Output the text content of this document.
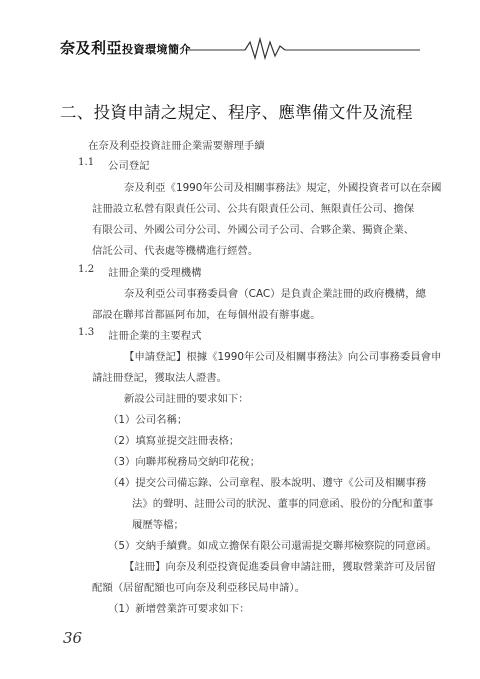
奈及利亞投資環境簡介
二、投資申請之規定、程序、應準備文件及流程
在奈及利亞投資註冊企業需要辦理手續
1.1 公司登記
奈及利亞《1990年公司及相關事務法》規定，外國投資者可以在奈國
註冊設立私營有限責任公司、公共有限責任公司、無限責任公司、擔保
有限公司、外國公司分公司、外國公司子公司、合夥企業、獨資企業、
信託公司、代表處等機構進行經營。
1.2 註冊企業的受理機構
奈及利亞公司事務委員會（CAC）是負責企業註冊的政府機構，總
部設在聯邦首都區阿布加，在每個州設有辦事處。
1.3 註冊企業的主要程式
【申請登記】根據《1990年公司及相關事務法》向公司事務委員會申
請註冊登記，獲取法人證書。
新設公司註冊的要求如下：
（1）公司名稱；
（2）填寫並提交註冊表格；
（3）向聯邦稅務局交納印花稅；
（4）提交公司備忘錄、公司章程、股本說明、遵守《公司及相關事務
法》的聲明、註冊公司的狀況、董事的同意函、股份的分配和董事
履歷等檔；
（5）交納手續費。如成立擔保有限公司還需提交聯邦檢察院的同意函。
【註冊】向奈及利亞投資促進委員會申請註冊，獲取營業許可及居留
配額（居留配額也可向奈及利亞移民局申請）。
（1）新增營業許可要求如下：
36
